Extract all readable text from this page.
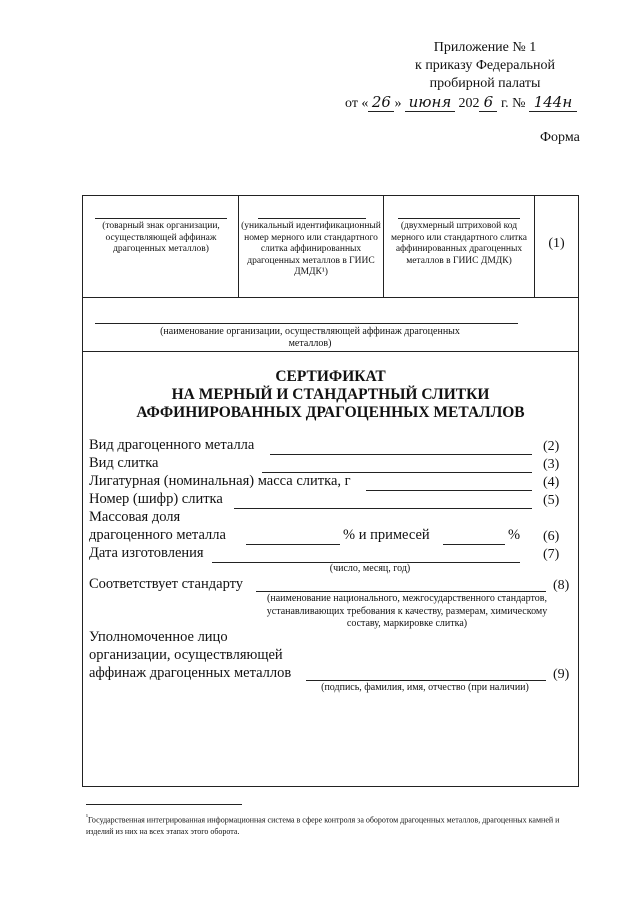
Приложение № 1
к приказу Федеральной
пробирной палаты
от « 26 » июня 202 6 г. № 144н
Форма
(товарный знак организации, осуществляющей аффинаж драгоценных металлов)
(уникальный идентификационный номер мерного или стандартного слитка аффинированных драгоценных металлов в ГИИС ДМДК¹)
(двухмерный штриховой код мерного или стандартного слитка аффинированных драгоценных металлов в ГИИС ДМДК)
(1)
(наименование организации, осуществляющей аффинаж драгоценных металлов)
СЕРТИФИКАТ
НА МЕРНЫЙ И СТАНДАРТНЫЙ СЛИТКИ
АФФИНИРОВАННЫХ ДРАГОЦЕННЫХ МЕТАЛЛОВ
Вид драгоценного металла	(2)
Вид слитка	(3)
Лигатурная (номинальная) масса слитка, г	(4)
Номер (шифр) слитка	(5)
Массовая доля
драгоценного металла	% и примесей	% (6)
Дата изготовления	(7)
(число, месяц, год)
Соответствует стандарту	(8)
(наименование национального, межгосударственного стандартов, устанавливающих требования к качеству, размерам, химическому составу, маркировке слитка)
Уполномоченное лицо
организации, осуществляющей
аффинаж драгоценных металлов	(9)
(подпись, фамилия, имя, отчество (при наличии)
$^{^1}$Государственная интегрированная информационная система в сфере контроля за оборотом драгоценных металлов, драгоценных камней и изделий из них на всех этапах этого оборота.
